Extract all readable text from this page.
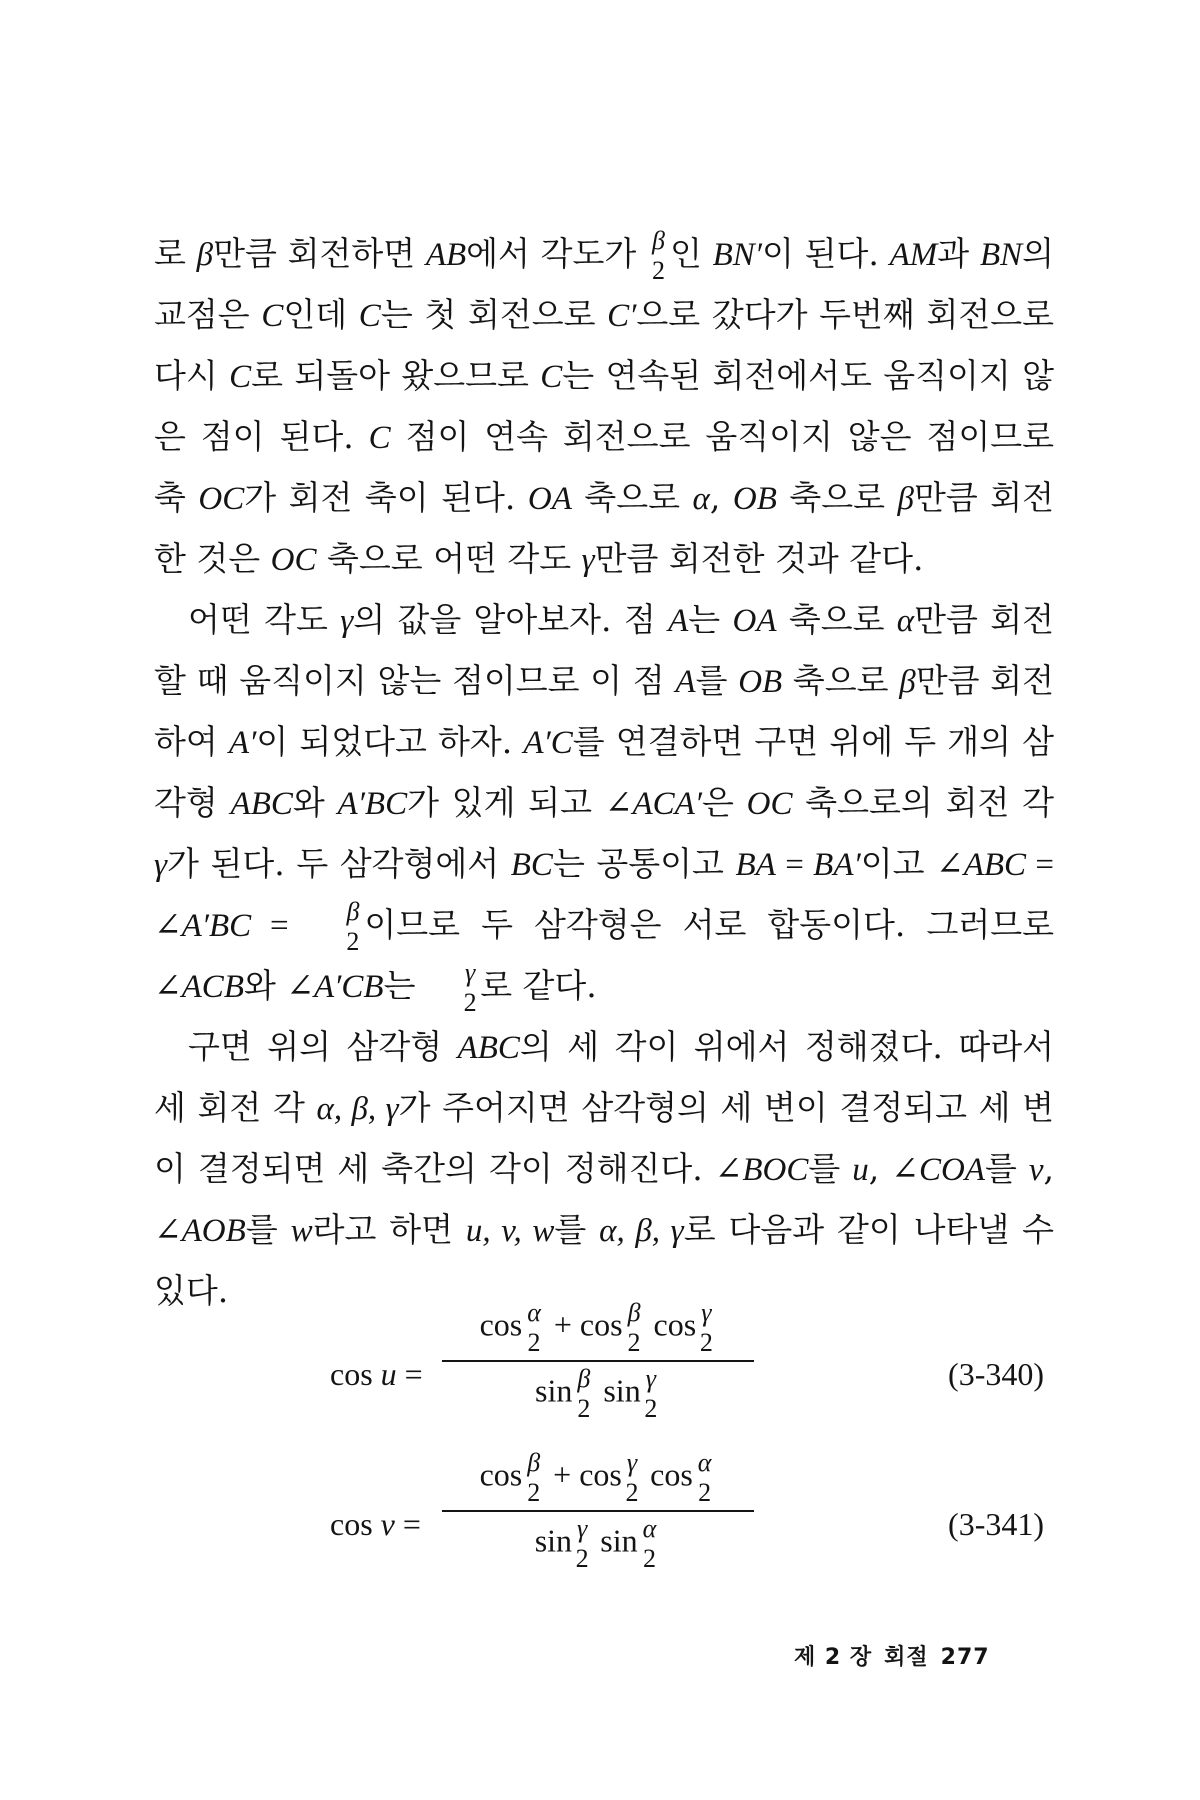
로 β만큼 회전하면 AB에서 각도가 β
2 인 BN′이 된다. AM과 BN의 교점은 C인데 C는 첫 회전으로 C′으로 갔다가 두번째 회전으로 다시 C로 되돌아 왔으므로 C는 연속된 회전에서도 움직이지 않은 점이 된다. C 점이 연속 회전으로 움직이지 않은 점이므로 축 OC가 회전 축이 된다. OA 축으로 α, OB 축으로 β만큼 회전한 것은 OC 축으로 어떤 각도 γ만큼 회전한 것과 같다.

어떤 각도 γ의 값을 알아보자. 점 A는 OA 축으로 α만큼 회전할 때 움직이지 않는 점이므로 이 점 A를 OB 축으로 β만큼 회전하여 A′이 되었다고 하자. A′C를 연결하면 구면 위에 두 개의 삼각형 ABC와 A′BC가 있게 되고 ∠ACA′은 OC 축으로의 회전 각 γ가 된다. 두 삼각형에서 BC는 공통이고 BA = BA′이고 ∠ABC = ∠A′BC =	β
2 이므로 두 삼각형은 서로 합동이다. 그러므로 ∠ACB와 ∠A′CB는	γ
2 로 같다.

구면 위의 삼각형 ABC의 세 각이 위에서 정해졌다. 따라서 세 회전 각 α, β, γ가 주어지면 삼각형의 세 변이 결정되고 세 변이 결정되면 세 축간의 각이 정해진다. ∠BOC를 u, ∠COA를 v, ∠AOB를 w라고 하면 u, v, w를 α, β, γ로 다음과 같이 나타낼 수 있다.

cos u =
cos α
2
+ cos β
2
cos γ
2
sin β
2
sin γ
2
(3-340)
cos v =
cos β
2
+ cos γ
2
cos α
2
sin γ
2
sin α
2
(3-341)
제 2 장 회절 277
